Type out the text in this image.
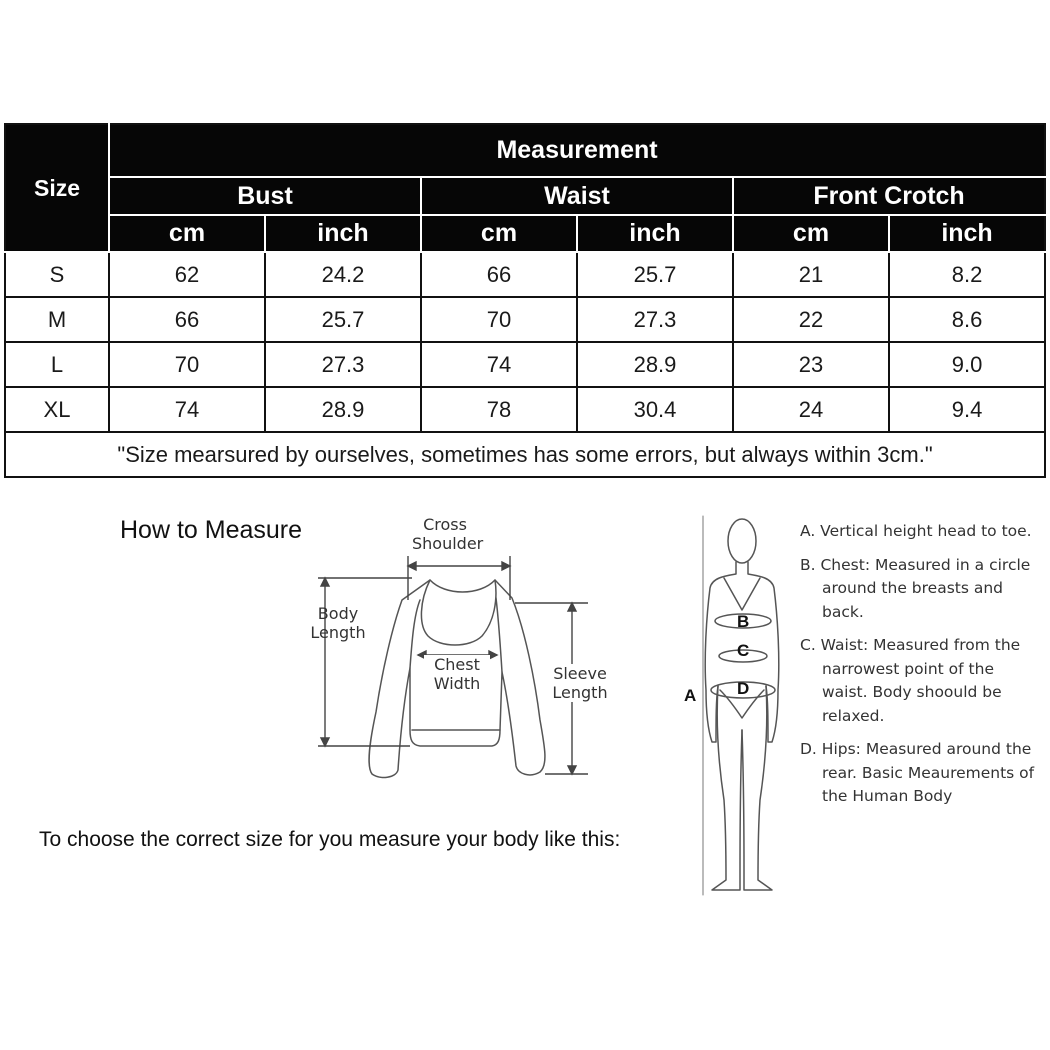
Size	Measurement					
	Bust		Waist		Front Crotch	
	cm	inch	cm	inch	cm	inch
S	62	24.2	66	25.7	21	8.2
M	66	25.7	70	27.3	22	8.6
L	70	27.3	74	28.9	23	9.0
XL	74	28.9	78	30.4	24	9.4
"Size mearsured by ourselves, sometimes has some errors, but always within 3cm."						
How to Measure
To choose the correct size for you measure your body like this:
Cross
Shoulder
Body
Length
Chest
Width
Sleeve
Length	A
B
C
D
A. Vertical height head to toe.
B. Chest: Measured in a circle around the breasts and back.
C. Waist: Measured from the narrowest point of the waist. Body shoould be relaxed.
D. Hips: Measured around the rear. Basic Meaurements of the Human Body
